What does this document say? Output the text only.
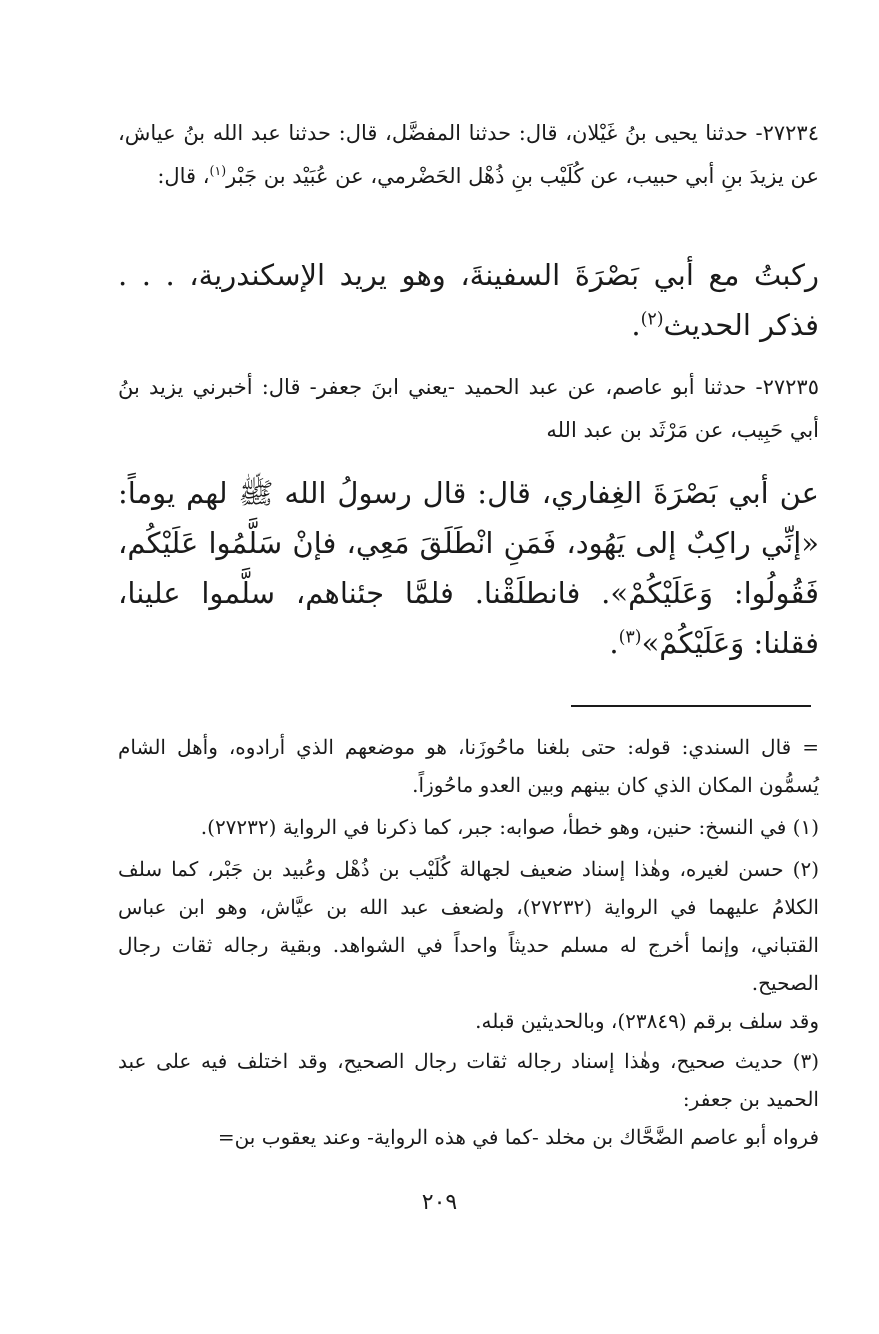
٢٧٢٣٤- حدثنا يحيى بنُ غَيْلان، قال: حدثنا المفضَّل، قال: حدثنا عبد الله بنُ عياش، عن يزيدَ بنِ أبي حبيب، عن كُلَيْب بنِ ذُهْل الحَضْرمي، عن عُبَيْد بن جَبْر$^{(١)}$، قال:

ركبتُ مع أبي بَصْرَةَ السفينةَ، وهو يريد الإسكندرية، . . . فذكر الحديث$^{(٢)}$.

٢٧٢٣٥- حدثنا أبو عاصم، عن عبد الحميد -يعني ابنَ جعفر- قال: أخبرني يزيد بنُ أبي حَبِيب، عن مَرْثَد بن عبد الله

عن أبي بَصْرَةَ الغِفاري، قال: قال رسولُ الله ﷺ لهم يوماً: «إنِّي راكِبٌ إلى يَهُود، فَمَنِ انْطَلَقَ مَعِي، فإنْ سَلَّمُوا عَلَيْكُم، فَقُولُوا: وَعَلَيْكُمْ». فانطلَقْنا. فلمَّا جئناهم، سلَّموا علينا، فقلنا: وَعَلَيْكُمْ»$^{(٣)}$.

= قال السندي: قوله: حتى بلغنا ماحُوزَنا، هو موضعهم الذي أرادوه، وأهل الشام يُسمُّون المكان الذي كان بينهم وبين العدو ماحُوزاً.

(١) في النسخ: حنين، وهو خطأ، صوابه: جبر، كما ذكرنا في الرواية (٢٧٢٣٢).

(٢) حسن لغيره، وهٰذا إسناد ضعيف لجهالة كُلَيْب بن ذُهْل وعُبيد بن جَبْر، كما سلف الكلامُ عليهما في الرواية (٢٧٢٣٢)، ولضعف عبد الله بن عيَّاش، وهو ابن عباس القتباني، وإنما أخرج له مسلم حديثاً واحداً في الشواهد. وبقية رجاله ثقات رجال الصحيح.

وقد سلف برقم (٢٣٨٤٩)، وبالحديثين قبله.

(٣) حديث صحيح، وهٰذا إسناد رجاله ثقات رجال الصحيح، وقد اختلف فيه على عبد الحميد بن جعفر:

فرواه أبو عاصم الضَّحَّاك بن مخلد -كما في هذه الرواية- وعند يعقوب بن=

٢٠٩
